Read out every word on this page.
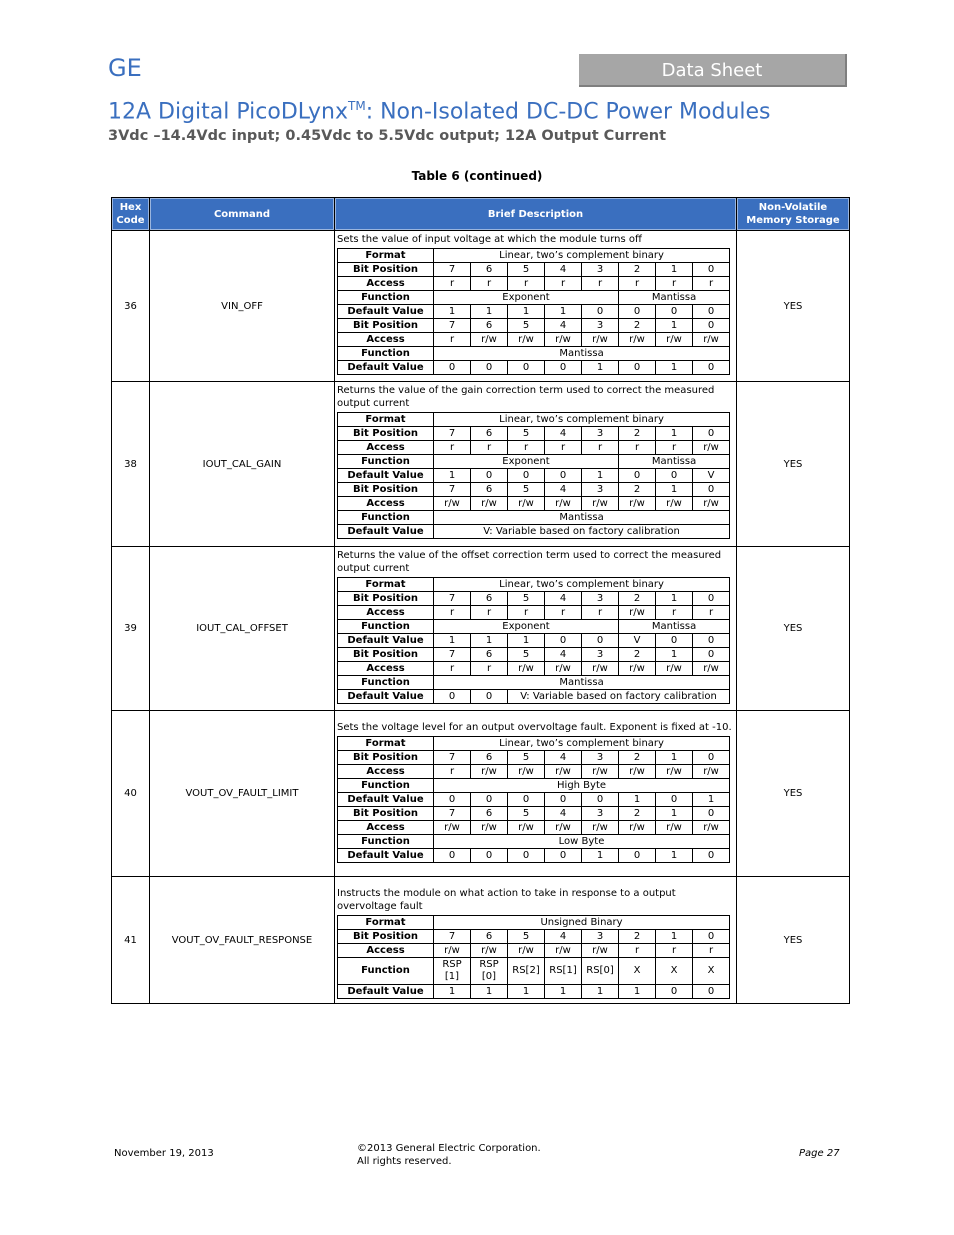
GE	Data Sheet
12A Digital PicoDLynx™: Non-Isolated DC-DC Power Modules
3Vdc –14.4Vdc input; 0.45Vdc to 5.5Vdc output; 12A Output Current
Table 6 (continued)
Hex Code	Command	Brief Description	Non-Volatile Memory Storage
36	VIN_OFF	
Sets the value of input voltage at which the module turns off
Format	Linear, two’s complement binary
Bit Position	7	6	5	4	3	2	1	0
Access	r	r	r	r	r	r	r	r
Function	Exponent	Mantissa
Default Value	1	1	1	1	0	0	0	0
Bit Position	7	6	5	4	3	2	1	0
Access	r	r/w	r/w	r/w	r/w	r/w	r/w	r/w
Function	Mantissa
Default Value	0	0	0	0	1	0	1	0
	YES
38	IOUT_CAL_GAIN	
Returns the value of the gain correction term used to correct the measured output current
Format	Linear, two’s complement binary
Bit Position	7	6	5	4	3	2	1	0
Access	r	r	r	r	r	r	r	r/w
Function	Exponent	Mantissa
Default Value	1	0	0	0	1	0	0	V
Bit Position	7	6	5	4	3	2	1	0
Access	r/w	r/w	r/w	r/w	r/w	r/w	r/w	r/w
Function	Mantissa
Default Value	V: Variable based on factory calibration
	YES
39	IOUT_CAL_OFFSET	
Returns the value of the offset correction term used to correct the measured output current
Format	Linear, two’s complement binary
Bit Position	7	6	5	4	3	2	1	0
Access	r	r	r	r	r	r/w	r	r
Function	Exponent	Mantissa
Default Value	1	1	1	0	0	V	0	0
Bit Position	7	6	5	4	3	2	1	0
Access	r	r	r/w	r/w	r/w	r/w	r/w	r/w
Function	Mantissa
Default Value	0	0	V: Variable based on factory calibration
	YES
40	VOUT_OV_FAULT_LIMIT	
Sets the voltage level for an output overvoltage fault. Exponent is fixed at -10.
Format	Linear, two’s complement binary
Bit Position	7	6	5	4	3	2	1	0
Access	r	r/w	r/w	r/w	r/w	r/w	r/w	r/w
Function	High Byte
Default Value	0	0	0	0	0	1	0	1
Bit Position	7	6	5	4	3	2	1	0
Access	r/w	r/w	r/w	r/w	r/w	r/w	r/w	r/w
Function	Low Byte
Default Value	0	0	0	0	1	0	1	0
	YES
41	VOUT_OV_FAULT_RESPONSE	
Instructs the module on what action to take in response to a output overvoltage fault
Format	Unsigned Binary
Bit Position	7	6	5	4	3	2	1	0
Access	r/w	r/w	r/w	r/w	r/w	r	r	r
Function	RSP [1]	RSP [0]	RS[2]	RS[1]	RS[0]	X	X	X
Default Value	1	1	1	1	1	1	0	0
	YES
November 19, 2013	©2013 General Electric Corporation.
All rights reserved.
Page 27
